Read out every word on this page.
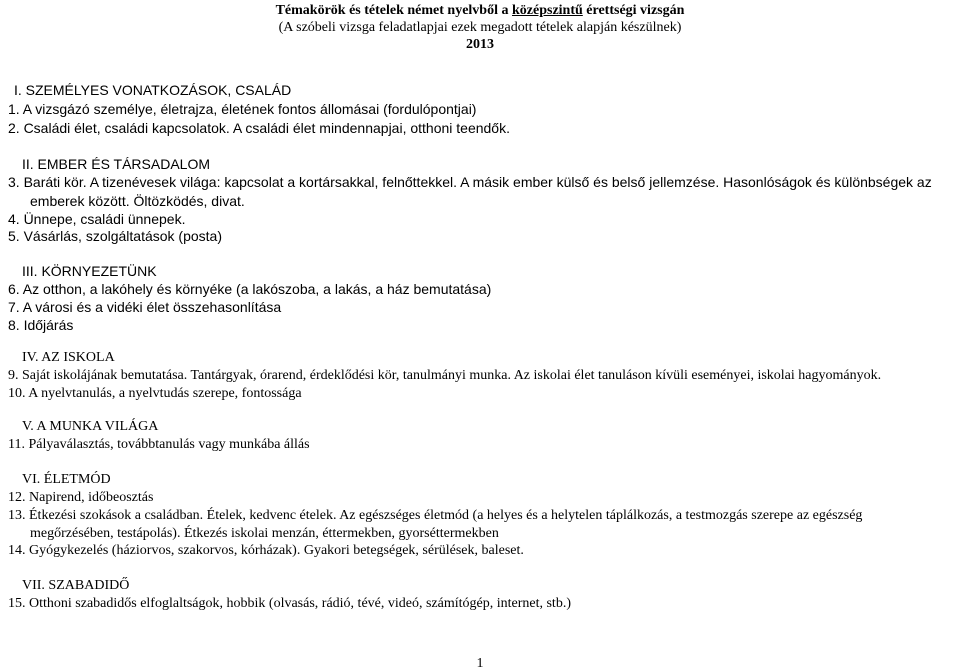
Témakörök és tételek német nyelvből a középszintű érettségi vizsgán
(A szóbeli vizsga feladatlapjai ezek megadott tételek alapján készülnek)
2013
I. SZEMÉLYES VONATKOZÁSOK, CSALÁD
1. A vizsgázó személye, életrajza, életének fontos állomásai (fordulópontjai)
2. Családi élet, családi kapcsolatok. A családi élet mindennapjai, otthoni teendők.
II. EMBER ÉS TÁRSADALOM
3. Baráti kör. A tizenévesek világa: kapcsolat a kortársakkal, felnőttekkel. A másik ember külső és belső jellemzése. Hasonlóságok és különbségek az
emberek között. Öltözködés, divat.
4. Ünnepe, családi ünnepek.
5. Vásárlás, szolgáltatások (posta)
III. KÖRNYEZETÜNK
6. Az otthon, a lakóhely és környéke (a lakószoba, a lakás, a ház bemutatása)
7. A városi és a vidéki élet összehasonlítása
8. Időjárás
IV. AZ ISKOLA
9. Saját iskolájának bemutatása. Tantárgyak, órarend, érdeklődési kör, tanulmányi munka. Az iskolai élet tanuláson kívüli eseményei, iskolai hagyományok.
10. A nyelvtanulás, a nyelvtudás szerepe, fontossága
V. A MUNKA VILÁGA
11. Pályaválasztás, továbbtanulás vagy munkába állás
VI. ÉLETMÓD
12. Napirend, időbeosztás
13. Étkezési szokások a családban. Ételek, kedvenc ételek. Az egészséges életmód (a helyes és a helytelen táplálkozás, a testmozgás szerepe az egészség
megőrzésében, testápolás). Étkezés iskolai menzán, éttermekben, gyorséttermekben
14. Gyógykezelés (háziorvos, szakorvos, kórházak). Gyakori betegségek, sérülések, baleset.
VII. SZABADIDŐ
15. Otthoni szabadidős elfoglaltságok, hobbik (olvasás, rádió, tévé, videó, számítógép, internet, stb.)
1
